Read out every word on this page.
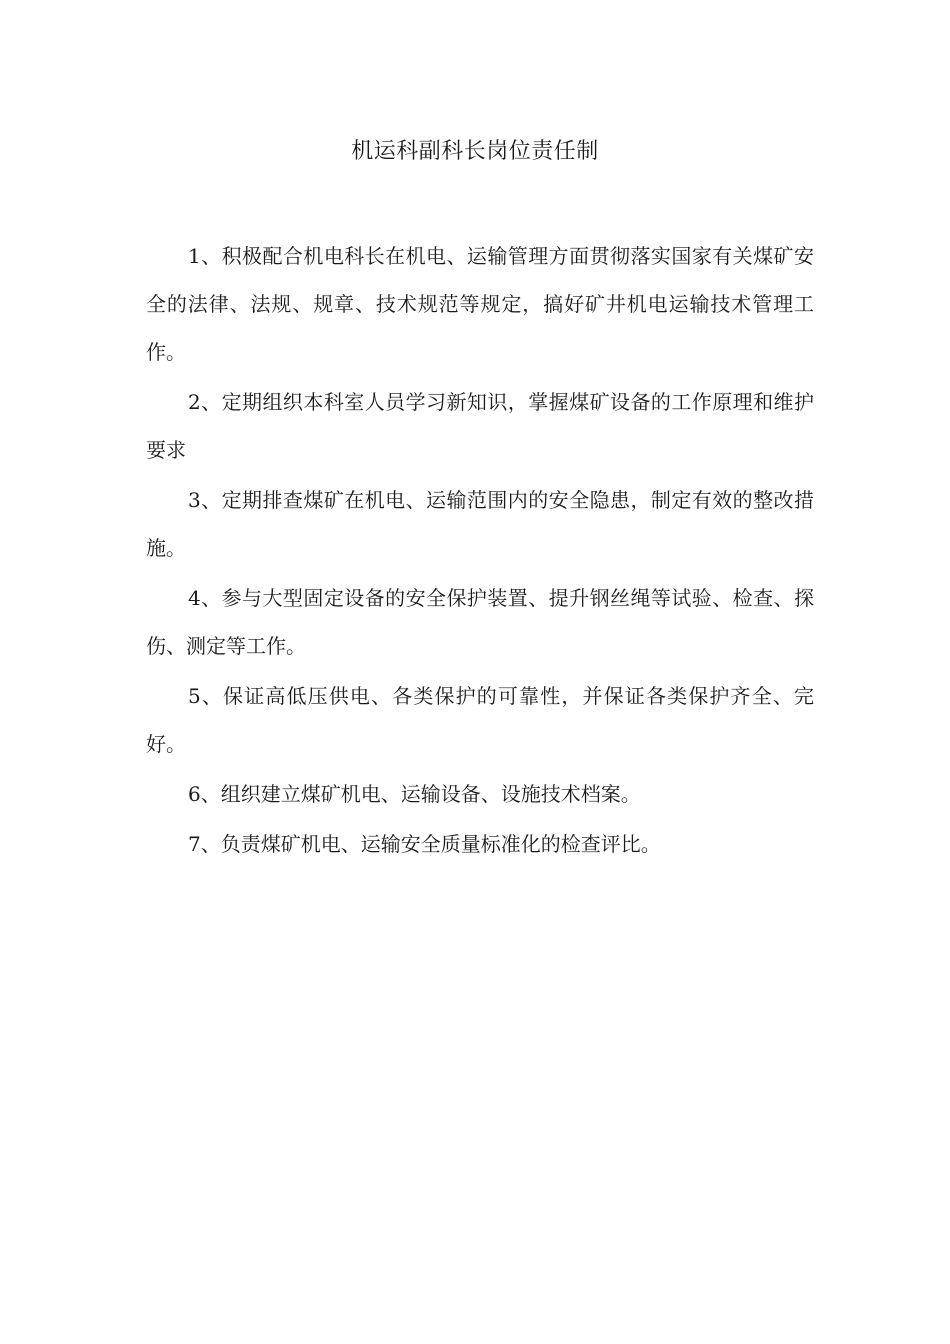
机运科副科长岗位责任制

1、积极配合机电科长在机电、运输管理方面贯彻落实国家有关煤矿安全的法律、法规、规章、技术规范等规定，搞好矿井机电运输技术管理工作。

2、定期组织本科室人员学习新知识，掌握煤矿设备的工作原理和维护要求

3、定期排查煤矿在机电、运输范围内的安全隐患，制定有效的整改措施。

4、参与大型固定设备的安全保护装置、提升钢丝绳等试验、检查、探伤、测定等工作。

5、保证高低压供电、各类保护的可靠性，并保证各类保护齐全、完好。

6、组织建立煤矿机电、运输设备、设施技术档案。

7、负责煤矿机电、运输安全质量标准化的检查评比。
